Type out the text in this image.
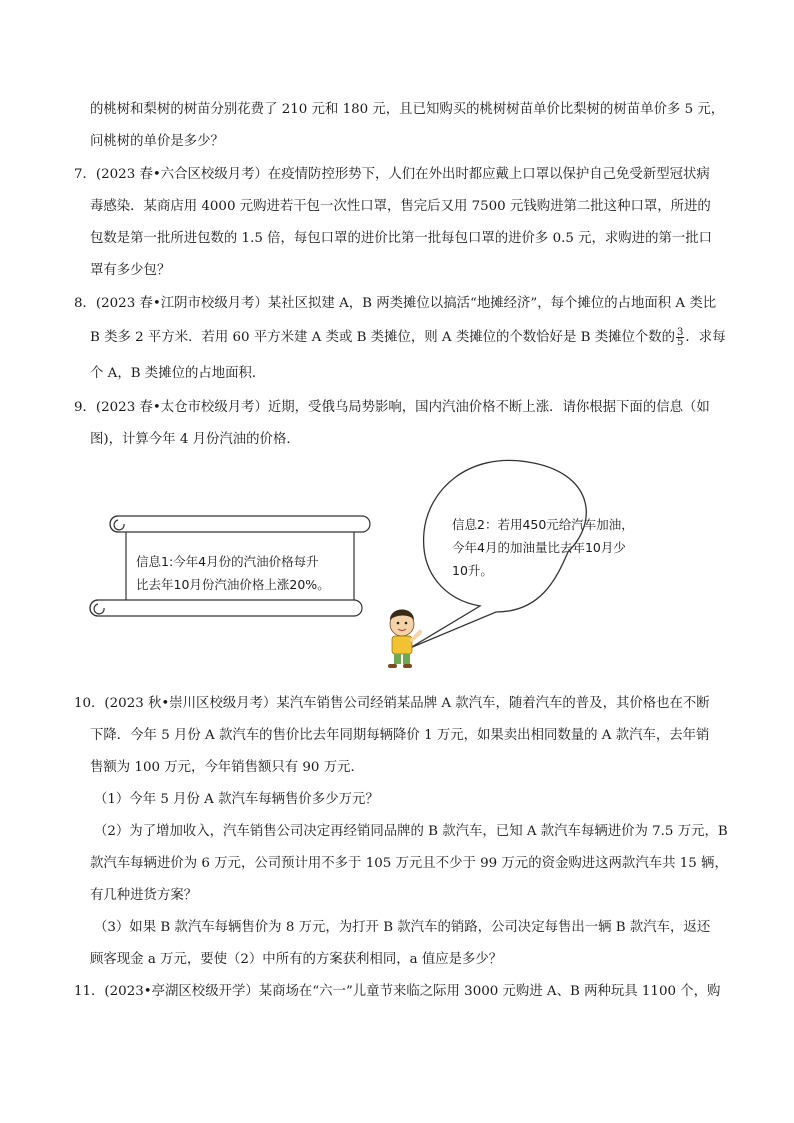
的桃树和梨树的树苗分别花费了 210 元和 180 元，且已知购买的桃树树苗单价比梨树的树苗单价多 5 元，
问桃树的单价是多少？
7．(2023 春•六合区校级月考）在疫情防控形势下，人们在外出时都应戴上口罩以保护自己免受新型冠状病
毒感染．某商店用 4000 元购进若干包一次性口罩，售完后又用 7500 元钱购进第二批这种口罩，所进的
包数是第一批所进包数的 1.5 倍，每包口罩的进价比第一批每包口罩的进价多 0.5 元，求购进的第一批口
罩有多少包？
8．(2023 春•江阴市校级月考）某社区拟建 A，B 两类摊位以搞活“地摊经济”，每个摊位的占地面积 A 类比
B 类多 2 平方米．若用 60 平方米建 A 类或 B 类摊位，则 A 类摊位的个数恰好是 B 类摊位个数的 $\frac{3}{5}$ ．求每
个 A，B 类摊位的占地面积．
9．(2023 春•太仓市校级月考）近期，受俄乌局势影响，国内汽油价格不断上涨．请你根据下面的信息（如
图)，计算今年 4 月份汽油的价格．
信息1:今年4月份的汽油价格每升
比去年10月份汽油价格上涨20%。
信息2：若用450元给汽车加油，
今年4月的加油量比去年10月少
10升。
10．(2023 秋•崇川区校级月考）某汽车销售公司经销某品牌 A 款汽车，随着汽车的普及，其价格也在不断
下降．今年 5 月份 A 款汽车的售价比去年同期每辆降价 1 万元，如果卖出相同数量的 A 款汽车，去年销
售额为 100 万元，今年销售额只有 90 万元．
（1）今年 5 月份 A 款汽车每辆售价多少万元？
（2）为了增加收入，汽车销售公司决定再经销同品牌的 B 款汽车，已知 A 款汽车每辆进价为 7.5 万元，B
款汽车每辆进价为 6 万元，公司预计用不多于 105 万元且不少于 99 万元的资金购进这两款汽车共 15 辆，
有几种进货方案？
（3）如果 B 款汽车每辆售价为 8 万元，为打开 B 款汽车的销路，公司决定每售出一辆 B 款汽车，返还
顾客现金 a 万元，要使（2）中所有的方案获利相同，a 值应是多少？
11．(2023•亭湖区校级开学）某商场在“六一”儿童节来临之际用 3000 元购进 A、B 两种玩具 1100 个，购
